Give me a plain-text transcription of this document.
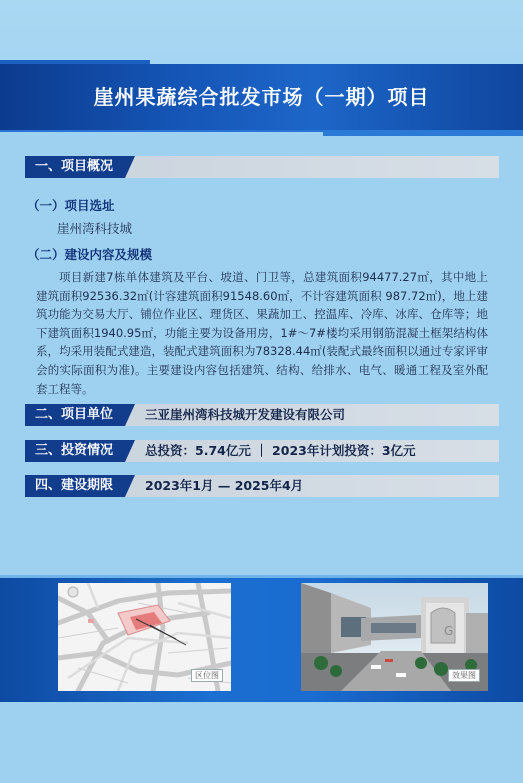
崖州果蔬综合批发市场（一期）项目
一、项目概况
（一）项目选址
崖州湾科技城
（二）建设内容及规模
项目新建7栋单体建筑及平台、坡道、门卫等，总建筑面积94477.27㎡，其中地上建筑面积92536.32㎡(计容建筑面积91548.60㎡，不计容建筑面积 987.72㎡)，地上建筑功能为交易大厅、铺位作业区、理货区、果蔬加工、控温库、冷库、冰库、仓库等；地下建筑面积1940.95㎡，功能主要为设备用房，1#～7#楼均采用钢筋混凝土框架结构体系，均采用装配式建造，装配式建筑面积为78328.44㎡(装配式最终面积以通过专家评审会的实际面积为准)。主要建设内容包括建筑、结构、给排水、电气、暖通工程及室外配套工程等。
二、项目单位	三亚崖州湾科技城开发建设有限公司
三、投资情况	总投资：5.74亿元 ｜ 2023年计划投资：3亿元
四、建设期限	2023年1月 — 2025年4月
区位图
G
效果图
